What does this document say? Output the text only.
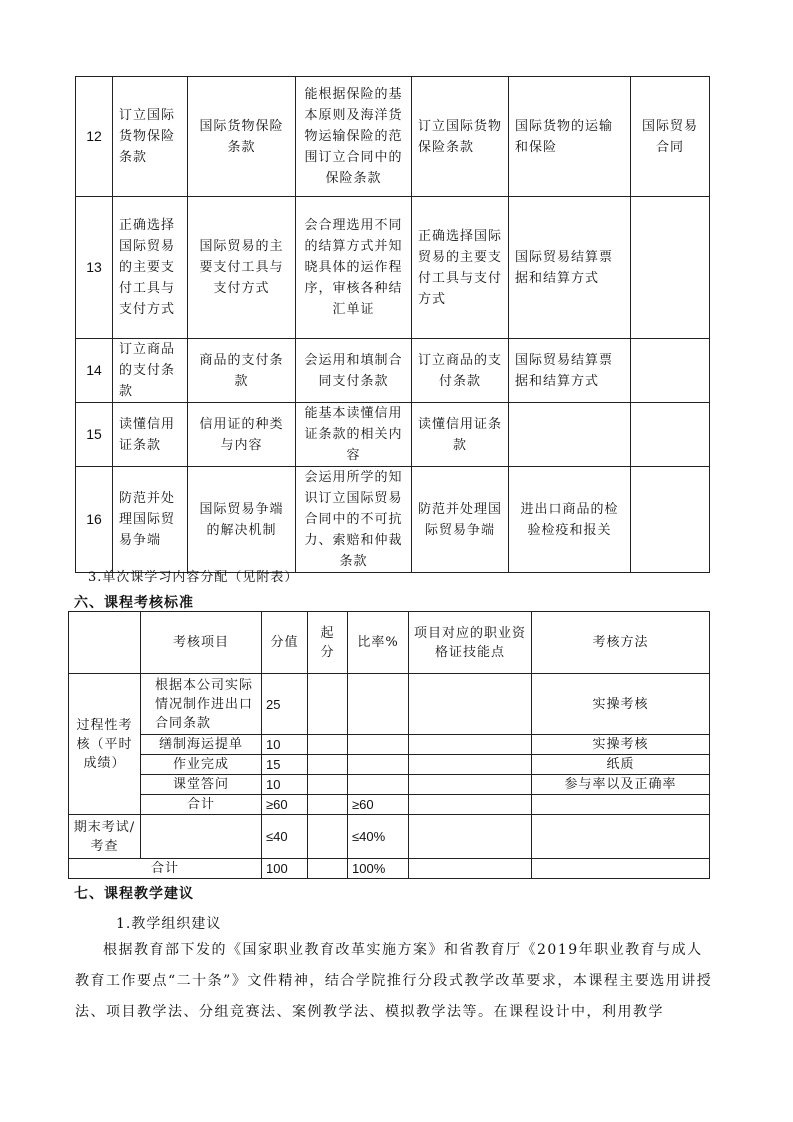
12	订立国际货物保险条款	国际货物保险条款	能根据保险的基本原则及海洋货物运输保险的范围订立合同中的保险条款	订立国际货物保险条款	国际货物的运输和保险	国际贸易合同
13	正确选择国际贸易的主要支付工具与支付方式	国际贸易的主要支付工具与支付方式	会合理选用不同的结算方式并知晓具体的运作程序，审核各种结汇单证	正确选择国际贸易的主要支付工具与支付方式	国际贸易结算票据和结算方式	
14	订立商品的支付条款	商品的支付条款	会运用和填制合同支付条款	订立商品的支付条款	国际贸易结算票据和结算方式	
15	读懂信用证条款	信用证的种类与内容	能基本读懂信用证条款的相关内容	读懂信用证条款		
16	防范并处理国际贸易争端	国际贸易争端的解决机制	会运用所学的知识订立国际贸易合同中的不可抗力、索赔和仲裁条款	防范并处理国际贸易争端	进出口商品的检验检疫和报关	
3.单次课学习内容分配（见附表）
六、课程考核标准
	考核项目	分值	起分	比率%	项目对应的职业资格证技能点	考核方法
过程性考核（平时成绩）	根据本公司实际情况制作进出口合同条款	25				实操考核
	缮制海运提单	10				实操考核
	作业完成	15				纸质
	课堂答问	10				参与率以及正确率
	合计	≥60		≥60		
期末考试/考查		≤40		≤40%		
合计		100		100%		
七、课程教学建议
1.教学组织建议
根据教育部下发的《国家职业教育改革实施方案》和省教育厅《2019年职业教育与成人教育工作要点“二十条”》文件精神，结合学院推行分段式教学改革要求，本课程主要选用讲授法、项目教学法、分组竞赛法、案例教学法、模拟教学法等。在课程设计中，利用教学
